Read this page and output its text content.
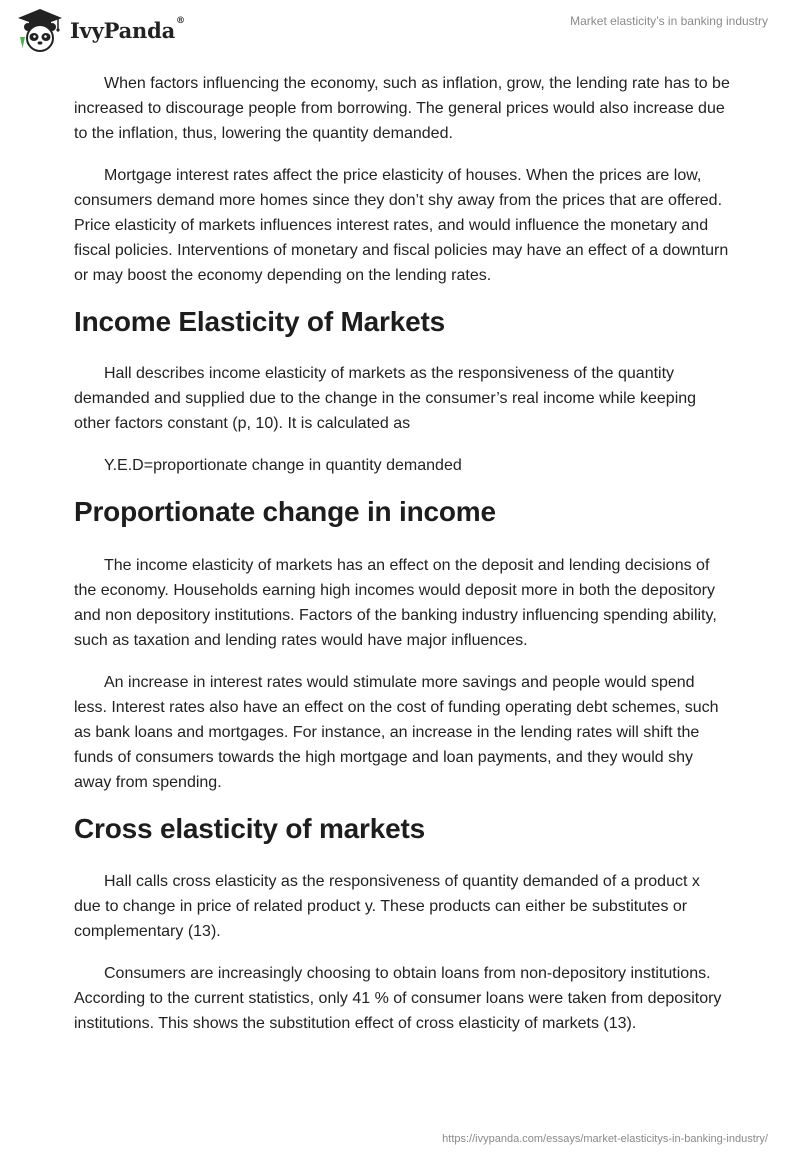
IvyPanda®	Market elasticity’s in banking industry

When factors influencing the economy, such as inflation, grow, the lending rate has to be increased to discourage people from borrowing. The general prices would also increase due to the inflation, thus, lowering the quantity demanded.

Mortgage interest rates affect the price elasticity of houses. When the prices are low, consumers demand more homes since they don’t shy away from the prices that are offered. Price elasticity of markets influences interest rates, and would influence the monetary and fiscal policies. Interventions of monetary and fiscal policies may have an effect of a downturn or may boost the economy depending on the lending rates.

Income Elasticity of Markets

Hall describes income elasticity of markets as the responsiveness of the quantity demanded and supplied due to the change in the consumer’s real income while keeping other factors constant (p, 10). It is calculated as

Y.E.D=proportionate change in quantity demanded

Proportionate change in income

The income elasticity of markets has an effect on the deposit and lending decisions of the economy. Households earning high incomes would deposit more in both the depository and non depository institutions. Factors of the banking industry influencing spending ability, such as taxation and lending rates would have major influences.

An increase in interest rates would stimulate more savings and people would spend less. Interest rates also have an effect on the cost of funding operating debt schemes, such as bank loans and mortgages. For instance, an increase in the lending rates will shift the funds of consumers towards the high mortgage and loan payments, and they would shy away from spending.

Cross elasticity of markets

Hall calls cross elasticity as the responsiveness of quantity demanded of a product x due to change in price of related product y. These products can either be substitutes or complementary (13).

Consumers are increasingly choosing to obtain loans from non-depository institutions. According to the current statistics, only 41 % of consumer loans were taken from depository institutions. This shows the substitution effect of cross elasticity of markets (13).

https://ivypanda.com/essays/market-elasticitys-in-banking-industry/
